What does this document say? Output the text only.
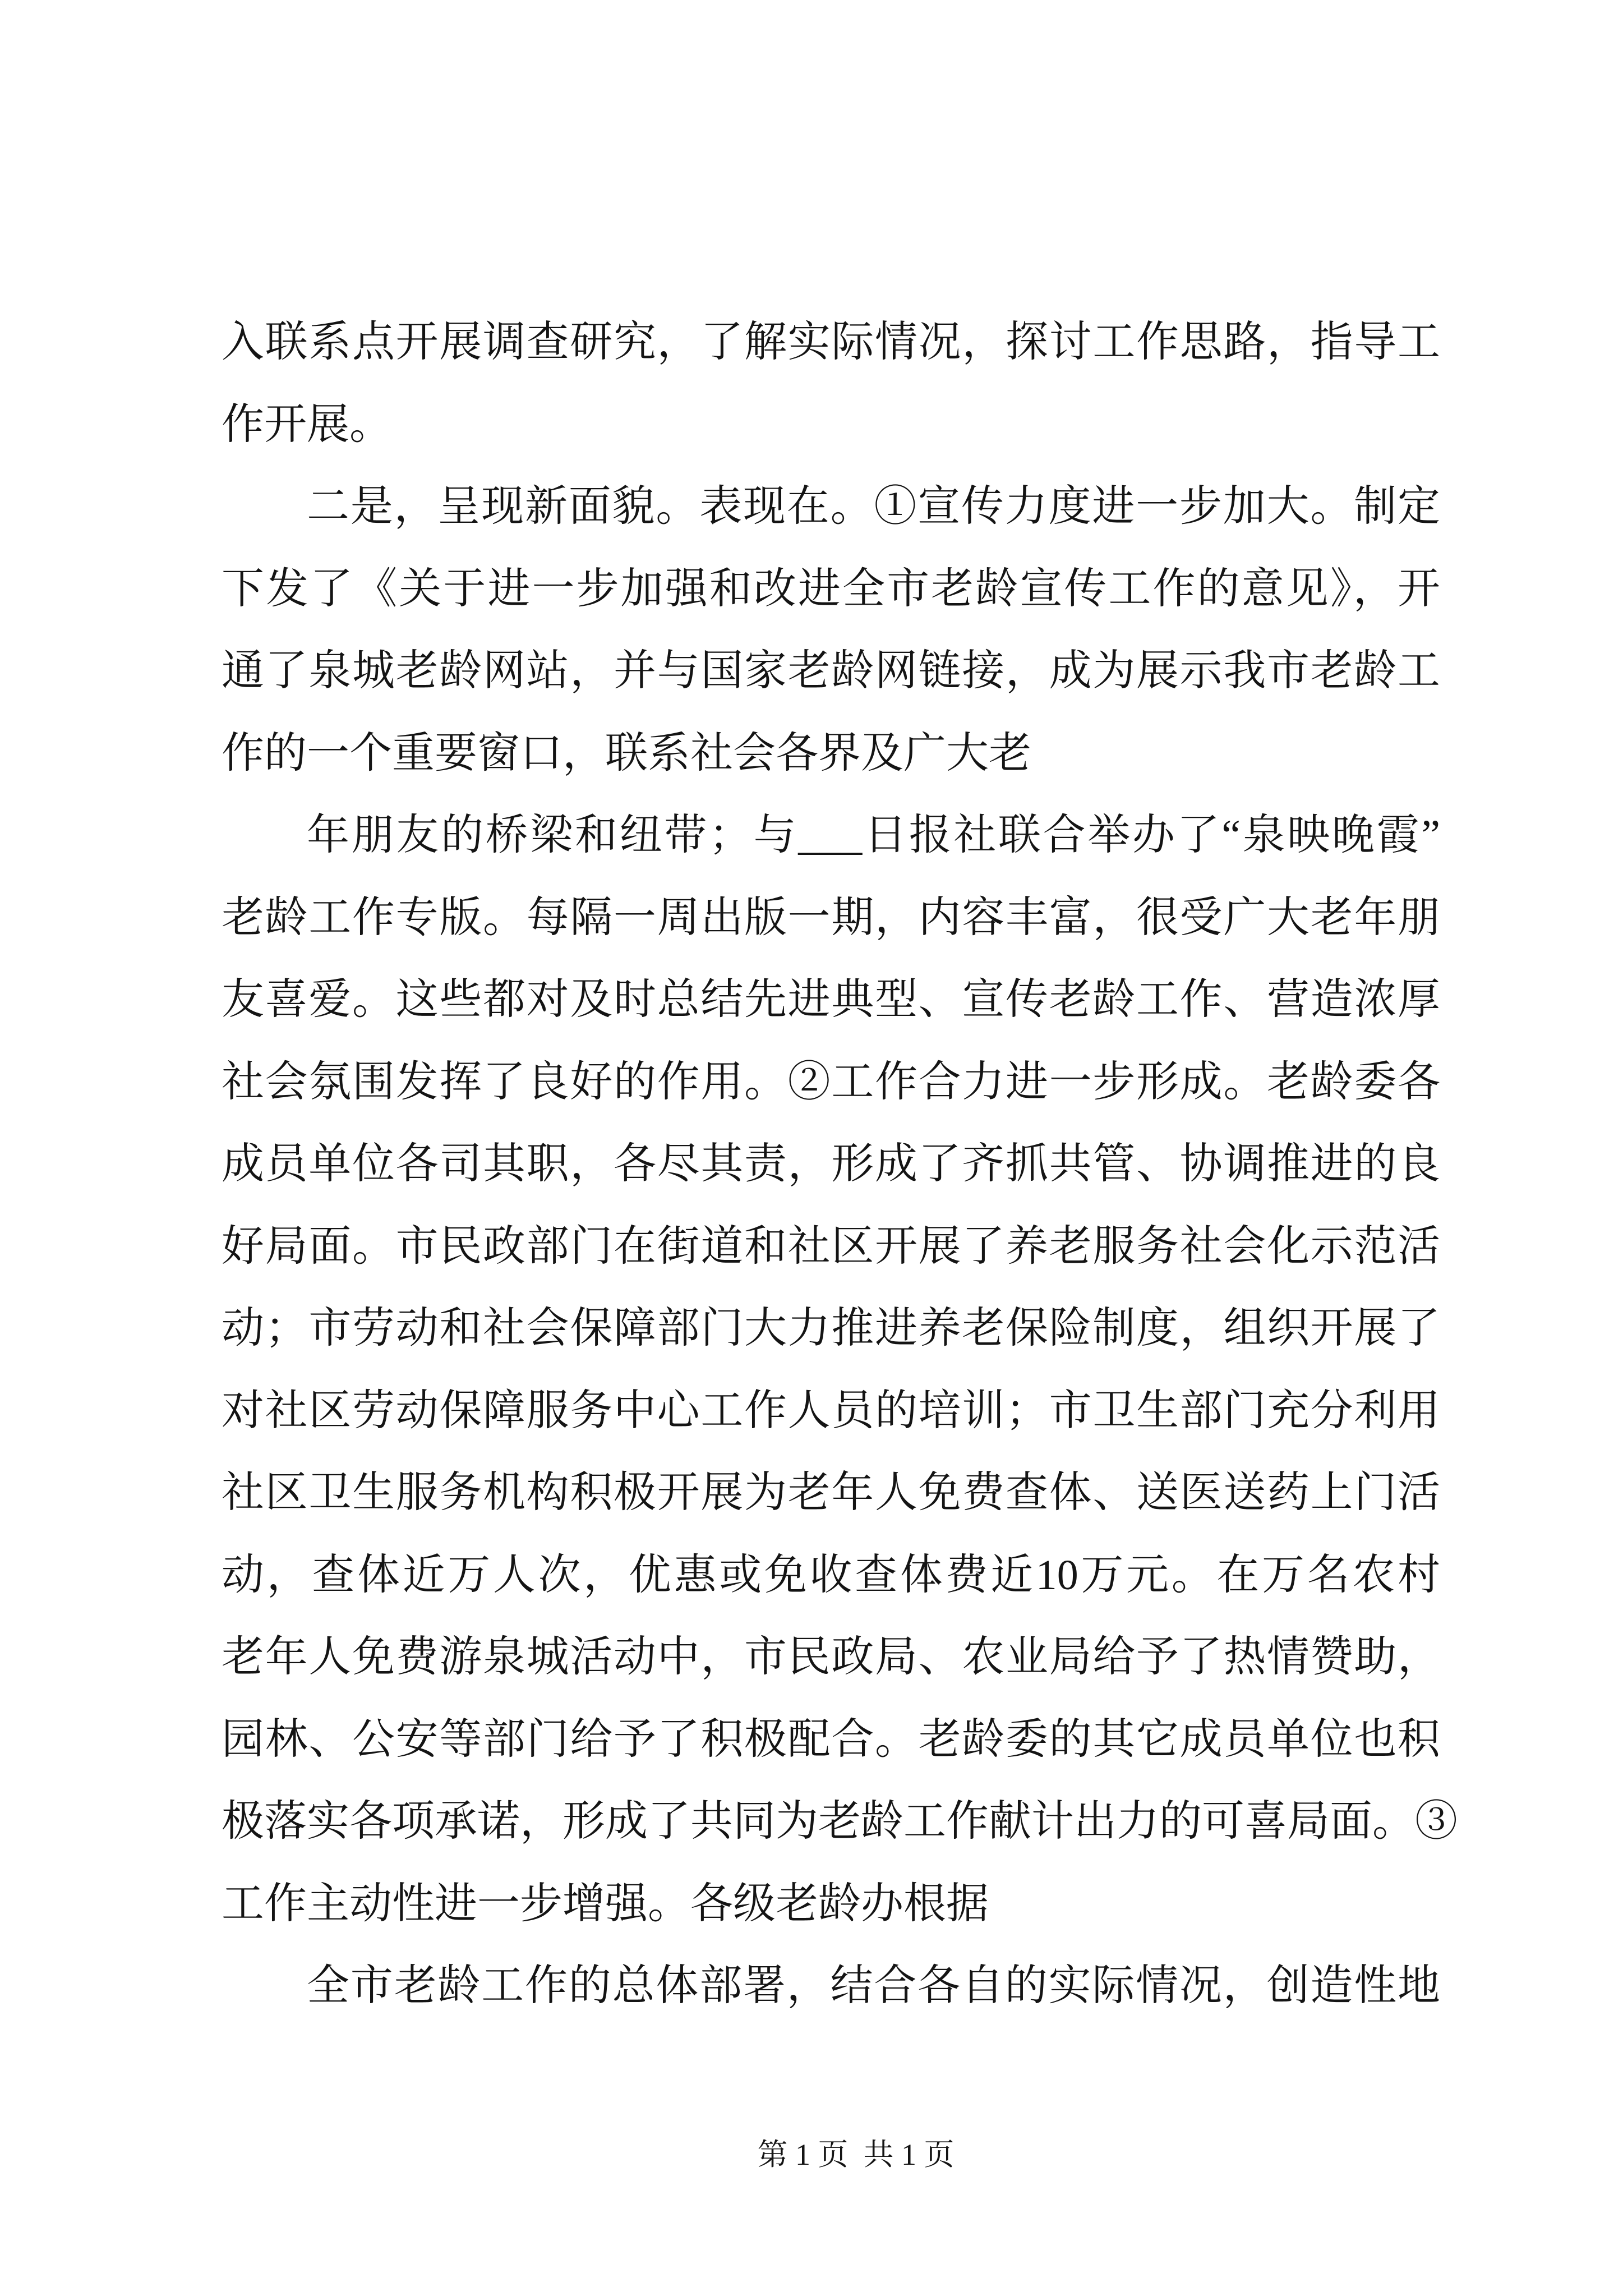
入联系点开展调查研究，了解实际情况，探讨工作思路，指导工
作开展。
二是，呈现新面貌。表现在。①宣传力度进一步加大。制定
下发了《关于进一步加强和改进全市老龄宣传工作的意见》，开
通了泉城老龄网站，并与国家老龄网链接，成为展示我市老龄工
作的一个重要窗口，联系社会各界及广大老
年朋友的桥梁和纽带；与___日报社联合举办了“泉映晚霞”
老龄工作专版。每隔一周出版一期，内容丰富，很受广大老年朋
友喜爱。这些都对及时总结先进典型、宣传老龄工作、营造浓厚
社会氛围发挥了良好的作用。②工作合力进一步形成。老龄委各
成员单位各司其职，各尽其责，形成了齐抓共管、协调推进的良
好局面。市民政部门在街道和社区开展了养老服务社会化示范活
动；市劳动和社会保障部门大力推进养老保险制度，组织开展了
对社区劳动保障服务中心工作人员的培训；市卫生部门充分利用
社区卫生服务机构积极开展为老年人免费查体、送医送药上门活
动，查体近万人次，优惠或免收查体费近10万元。在万名农村
老年人免费游泉城活动中，市民政局、农业局给予了热情赞助，
园林、公安等部门给予了积极配合。老龄委的其它成员单位也积
极落实各项承诺，形成了共同为老龄工作献计出力的可喜局面。③
工作主动性进一步增强。各级老龄办根据
全市老龄工作的总体部署，结合各自的实际情况，创造性地
第 1 页  共 1 页
